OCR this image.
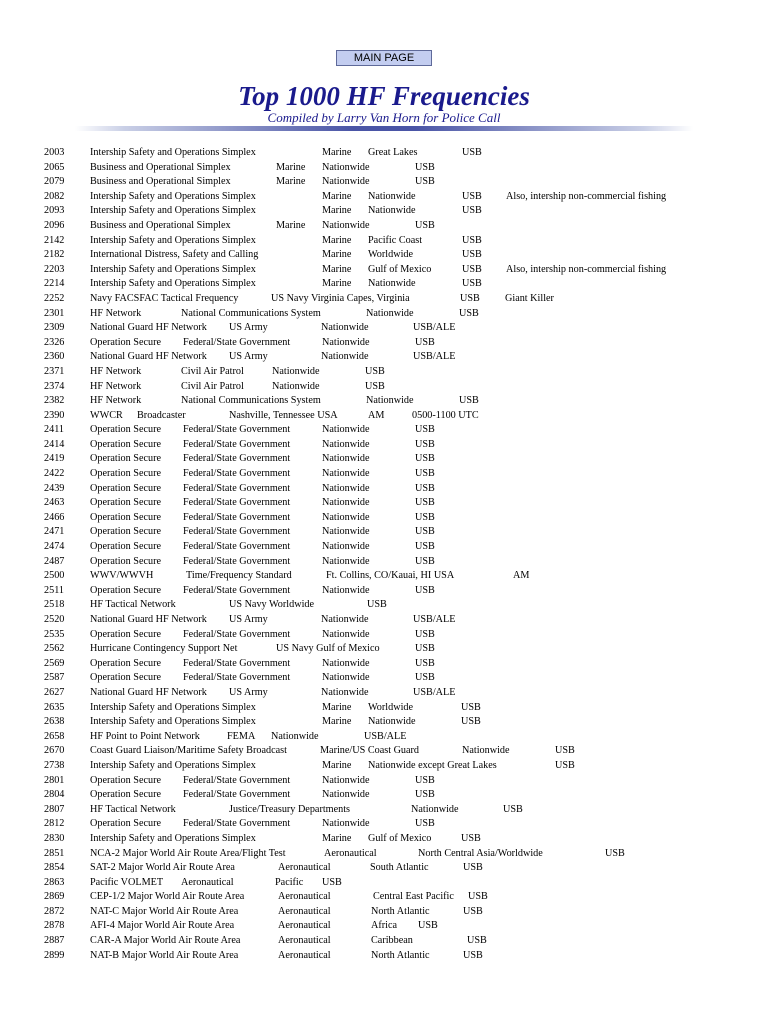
MAIN PAGE
Top 1000 HF Frequencies
Compiled by Larry Van Horn for Police Call
2003	Intership Safety and Operations Simplex	Marine Great Lakes	USB
2065	Business and Operational Simplex	Marine Nationwide	USB
2079	Business and Operational Simplex	Marine Nationwide	USB
2082	Intership Safety and Operations Simplex	Marine Nationwide	USB Also, intership non-commercial fishing
2093	Intership Safety and Operations Simplex	Marine Nationwide	USB
2096	Business and Operational Simplex	Marine Nationwide	USB
2142	Intership Safety and Operations Simplex	Marine Pacific Coast	USB
2182	International Distress, Safety and Calling	Marine Worldwide	USB
2203	Intership Safety and Operations Simplex	Marine Gulf of Mexico	USB Also, intership non-commercial fishing
2214	Intership Safety and Operations Simplex	Marine Nationwide	USB
2252	Navy FACSFAC Tactical Frequency	US Navy Virginia Capes, Virginia	USB Giant Killer
2301	HF Network	National Communications System	Nationwide	USB
2309	National Guard HF Network US Army	Nationwide	USB/ALE
2326	Operation Secure Federal/State Government	Nationwide	USB
2360	National Guard HF Network US Army	Nationwide	USB/ALE
2371	HF Network	Civil Air Patrol	Nationwide	USB
2374	HF Network	Civil Air Patrol	Nationwide	USB
2382	HF Network	National Communications System	Nationwide	USB
2390	WWCR Broadcaster	Nashville, Tennessee USA	AM	0500-1100 UTC
2411	Operation Secure Federal/State Government	Nationwide	USB
2414	Operation Secure Federal/State Government	Nationwide	USB
2419	Operation Secure Federal/State Government	Nationwide	USB
2422	Operation Secure Federal/State Government	Nationwide	USB
2439	Operation Secure Federal/State Government	Nationwide	USB
2463	Operation Secure Federal/State Government	Nationwide	USB
2466	Operation Secure Federal/State Government	Nationwide	USB
2471	Operation Secure Federal/State Government	Nationwide	USB
2474	Operation Secure Federal/State Government	Nationwide	USB
2487	Operation Secure Federal/State Government	Nationwide	USB
2500	WWV/WWVH	Time/Frequency Standard	Ft. Collins, CO/Kauai, HI USA	AM
2511	Operation Secure Federal/State Government	Nationwide	USB
2518	HF Tactical Network	US Navy Worldwide	USB
2520	National Guard HF Network US Army	Nationwide	USB/ALE
2535	Operation Secure Federal/State Government	Nationwide	USB
2562	Hurricane Contingency Support Net	US Navy Gulf of Mexico	USB
2569	Operation Secure Federal/State Government	Nationwide	USB
2587	Operation Secure Federal/State Government	Nationwide	USB
2627	National Guard HF Network US Army	Nationwide	USB/ALE
2635	Intership Safety and Operations Simplex	Marine Worldwide	USB
2638	Intership Safety and Operations Simplex	Marine Nationwide	USB
2658	HF Point to Point Network	FEMA Nationwide	USB/ALE
2670	Coast Guard Liaison/Maritime Safety Broadcast	Marine/US Coast Guard	Nationwide	USB
2738	Intership Safety and Operations Simplex	Marine Nationwide except Great Lakes	USB
2801	Operation Secure Federal/State Government	Nationwide	USB
2804	Operation Secure Federal/State Government	Nationwide	USB
2807	HF Tactical Network	Justice/Treasury Departments	Nationwide	USB
2812	Operation Secure Federal/State Government	Nationwide	USB
2830	Intership Safety and Operations Simplex	Marine Gulf of Mexico	USB
2851	NCA-2 Major World Air Route Area/Flight Test	Aeronautical	North Central Asia/Worldwide	USB
2854	SAT-2 Major World Air Route Area	Aeronautical	South Atlantic	USB
2863	Pacific VOLMET Aeronautical	Pacific USB
2869	CEP-1/2 Major World Air Route Area	Aeronautical	Central East Pacific USB
2872	NAT-C Major World Air Route Area	Aeronautical	North Atlantic	USB
2878	AFI-4 Major World Air Route Area	Aeronautical	Africa USB
2887	CAR-A Major World Air Route Area	Aeronautical	Caribbean	USB
2899	NAT-B Major World Air Route Area	Aeronautical	North Atlantic	USB
